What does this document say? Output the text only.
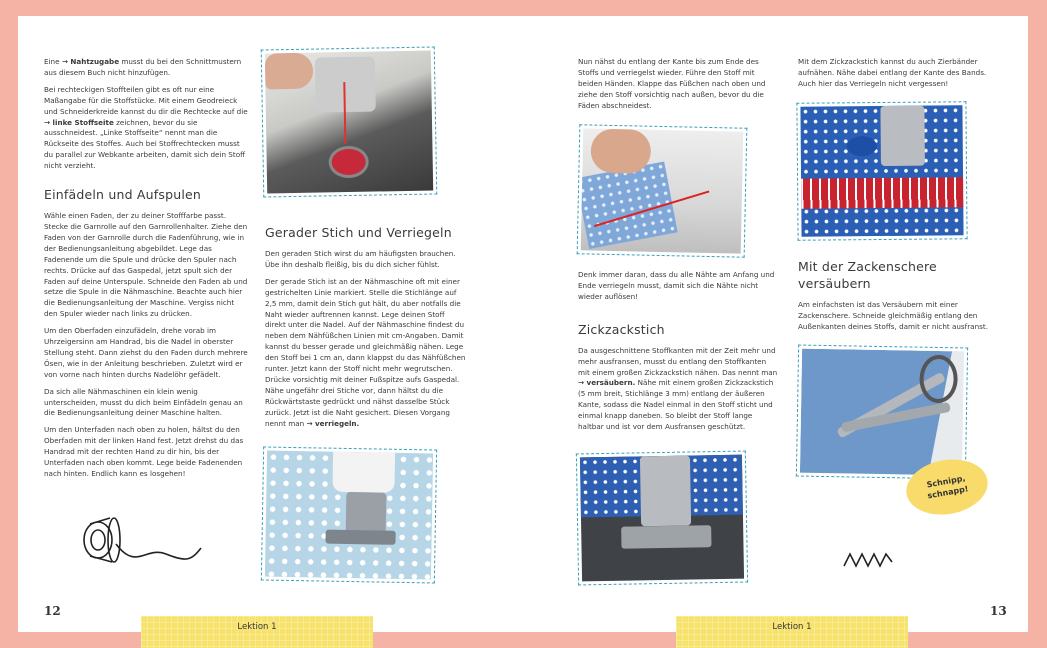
Eine → Nahtzugabe musst du bei den Schnittmustern aus diesem Buch nicht hinzufügen.

Bei rechteckigen Stoffteilen gibt es oft nur eine Maßangabe für die Stoffstücke. Mit einem Geodreieck und Schneiderkreide kannst du dir die Rechtecke auf die → linke Stoffseite zeichnen, bevor du sie ausschneidest. „Linke Stoffseite“ nennt man die Rückseite des Stoffes. Auch bei Stoffrechtecken musst du parallel zur Webkante arbeiten, damit sich dein Stoff nicht verzieht.

Einfädeln und Aufspulen

Wähle einen Faden, der zu deiner Stofffarbe passt. Stecke die Garnrolle auf den Garnrollenhalter. Ziehe den Faden von der Garnrolle durch die Fadenführung, wie in der Bedienungsanleitung abgebildet. Lege das Fadenende um die Spule und drücke den Spuler nach rechts. Drücke auf das Gaspedal, jetzt spult sich der Faden auf deine Unterspule. Schneide den Faden ab und setze die Spule in die Nähmaschine. Beachte auch hier die Bedienungsanleitung der Maschine. Vergiss nicht den Spuler wieder nach links zu drücken.

Um den Oberfaden einzufädeln, drehe vorab im Uhrzeigersinn am Handrad, bis die Nadel in oberster Stellung steht. Dann ziehst du den Faden durch mehrere Ösen, wie in der Anleitung beschrieben. Zuletzt wird er von vorne nach hinten durchs Nadelöhr gefädelt.

Da sich alle Nähmaschinen ein klein wenig unterscheiden, musst du dich beim Einfädeln genau an die Bedienungsanleitung deiner Maschine halten.

Um den Unterfaden nach oben zu holen, hältst du den Oberfaden mit der linken Hand fest. Jetzt drehst du das Handrad mit der rechten Hand zu dir hin, bis der Unterfaden nach oben kommt. Lege beide Fadenenden nach hinten. Endlich kann es losgehen!

Gerader Stich und Verriegeln

Den geraden Stich wirst du am häufigsten brauchen. Übe ihn deshalb fleißig, bis du dich sicher fühlst.

Der gerade Stich ist an der Nähmaschine oft mit einer gestrichelten Linie markiert. Stelle die Stichlänge auf 2,5 mm, damit dein Stich gut hält, du aber notfalls die Naht wieder auftrennen kannst. Lege deinen Stoff direkt unter die Nadel. Auf der Nähmaschine findest du neben dem Nähfüßchen Linien mit cm-Angaben. Damit kannst du besser gerade und gleichmäßig nähen. Lege den Stoff bei 1 cm an, dann klappst du das Nähfüßchen runter. Jetzt kann der Stoff nicht mehr wegrutschen. Drücke vorsichtig mit deiner Fußspitze aufs Gaspedal. Nähe ungefähr drei Stiche vor, dann hältst du die Rückwärtstaste gedrückt und nähst dasselbe Stück zurück. Jetzt ist die Naht gesichert. Diesen Vorgang nennt man → verriegeln.

12
Lektion 1

Nun nähst du entlang der Kante bis zum Ende des Stoffs und verriegelst wieder. Führe den Stoff mit beiden Händen. Klappe das Füßchen nach oben und ziehe den Stoff vorsichtig nach außen, bevor du die Fäden abschneidest.

Denk immer daran, dass du alle Nähte am Anfang und Ende verriegeln musst, damit sich die Nähte nicht wieder auflösen!

Zickzackstich

Da ausgeschnittene Stoffkanten mit der Zeit mehr und mehr ausfransen, musst du entlang den Stoffkanten mit einem großen Zickzackstich nähen. Das nennt man → versäubern. Nähe mit einem großen Zickzackstich (5 mm breit, Stichlänge 3 mm) entlang der äußeren Kante, sodass die Nadel einmal in den Stoff sticht und einmal knapp daneben. So bleibt der Stoff lange haltbar und ist vor dem Ausfransen geschützt.

Mit dem Zickzackstich kannst du auch Zierbänder aufnähen. Nähe dabei entlang der Kante des Bands. Auch hier das Verriegeln nicht vergessen!

Mit der Zackenschere versäubern

Am einfachsten ist das Versäubern mit einer Zackenschere. Schneide gleichmäßig entlang den Außenkanten deines Stoffs, damit er nicht ausfranst.

Schnipp, schnapp!
Lektion 1
13
